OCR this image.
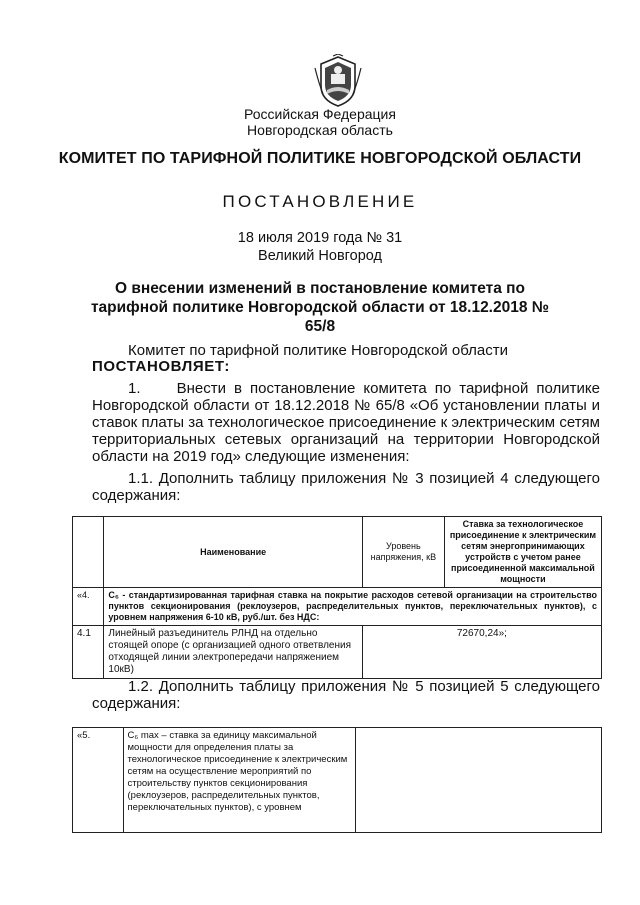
Российская Федерация
Новгородская область
КОМИТЕТ ПО ТАРИФНОЙ ПОЛИТИКЕ НОВГОРОДСКОЙ ОБЛАСТИ
ПОСТАНОВЛЕНИЕ
18 июля 2019 года № 31
Великий Новгород
О внесении изменений в постановление комитета по тарифной политике Новгородской области от 18.12.2018 № 65/8
Комитет по тарифной политике Новгородской области
ПОСТАНОВЛЯЕТ:
1. Внести в постановление комитета по тарифной политике Новгородской области от 18.12.2018 № 65/8 «Об установлении платы и ставок платы за технологическое присоединение к электрическим сетям территориальных сетевых организаций на территории Новгородской области на 2019 год» следующие изменения:
1.1. Дополнить таблицу приложения № 3 позицией 4 следующего содержания:
	Наименование	Уровень напряжения, кВ	Ставка за технологическое присоединение к электрическим сетям энергопринимающих устройств с учетом ранее присоединенной максимальной мощности
«4.	C₆ - стандартизированная тарифная ставка на покрытие расходов сетевой организации на строительство пунктов секционирования (реклоузеров, распределительных пунктов, переключательных пунктов), с уровнем напряжения 6-10 кВ, руб./шт. без НДС:		
4.1	Линейный разъединитель РЛНД на отдельно стоящей опоре (с организацией одного ответвления отходящей линии электропередачи напряжением 10кВ)	72670,24»;	
1.2. Дополнить таблицу приложения № 5 позицией 5 следующего содержания:
«5.	C₆ max – ставка за единицу максимальной мощности для определения платы за технологическое присоединение к электрическим сетям на осуществление мероприятий по строительству пунктов секционирования (реклоузеров, распределительных пунктов, переключательных пунктов), с уровнем	
